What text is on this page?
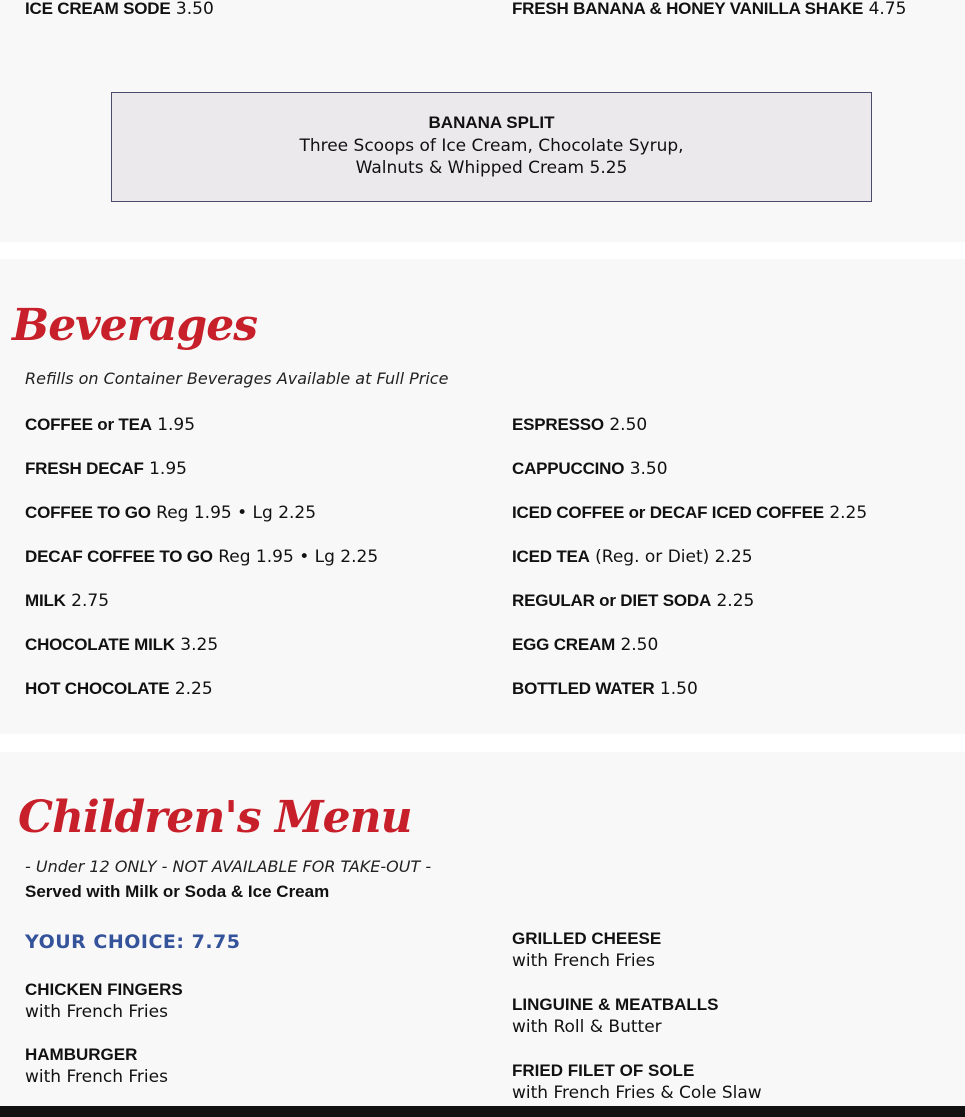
ICE CREAM SODE 3.50	FRESH BANANA & HONEY VANILLA SHAKE 4.75
BANANA SPLIT
Three Scoops of Ice Cream, Chocolate Syrup,
Walnuts & Whipped Cream 5.25
Beverages
Refills on Container Beverages Available at Full Price
COFFEE or TEA 1.95
FRESH DECAF 1.95
COFFEE TO GO Reg 1.95 • Lg 2.25
DECAF COFFEE TO GO Reg 1.95 • Lg 2.25
MILK 2.75
CHOCOLATE MILK 3.25
HOT CHOCOLATE 2.25
ESPRESSO 2.50
CAPPUCCINO 3.50
ICED COFFEE or DECAF ICED COFFEE 2.25
ICED TEA (Reg. or Diet) 2.25
REGULAR or DIET SODA 2.25
EGG CREAM 2.50
BOTTLED WATER 1.50
Children's Menu
- Under 12 ONLY - NOT AVAILABLE FOR TAKE-OUT -
Served with Milk or Soda & Ice Cream
YOUR CHOICE: 7.75
CHICKEN FINGERS
with French Fries
HAMBURGER
with French Fries
GRILLED CHEESE
with French Fries
LINGUINE & MEATBALLS
with Roll & Butter
FRIED FILET OF SOLE
with French Fries & Cole Slaw
